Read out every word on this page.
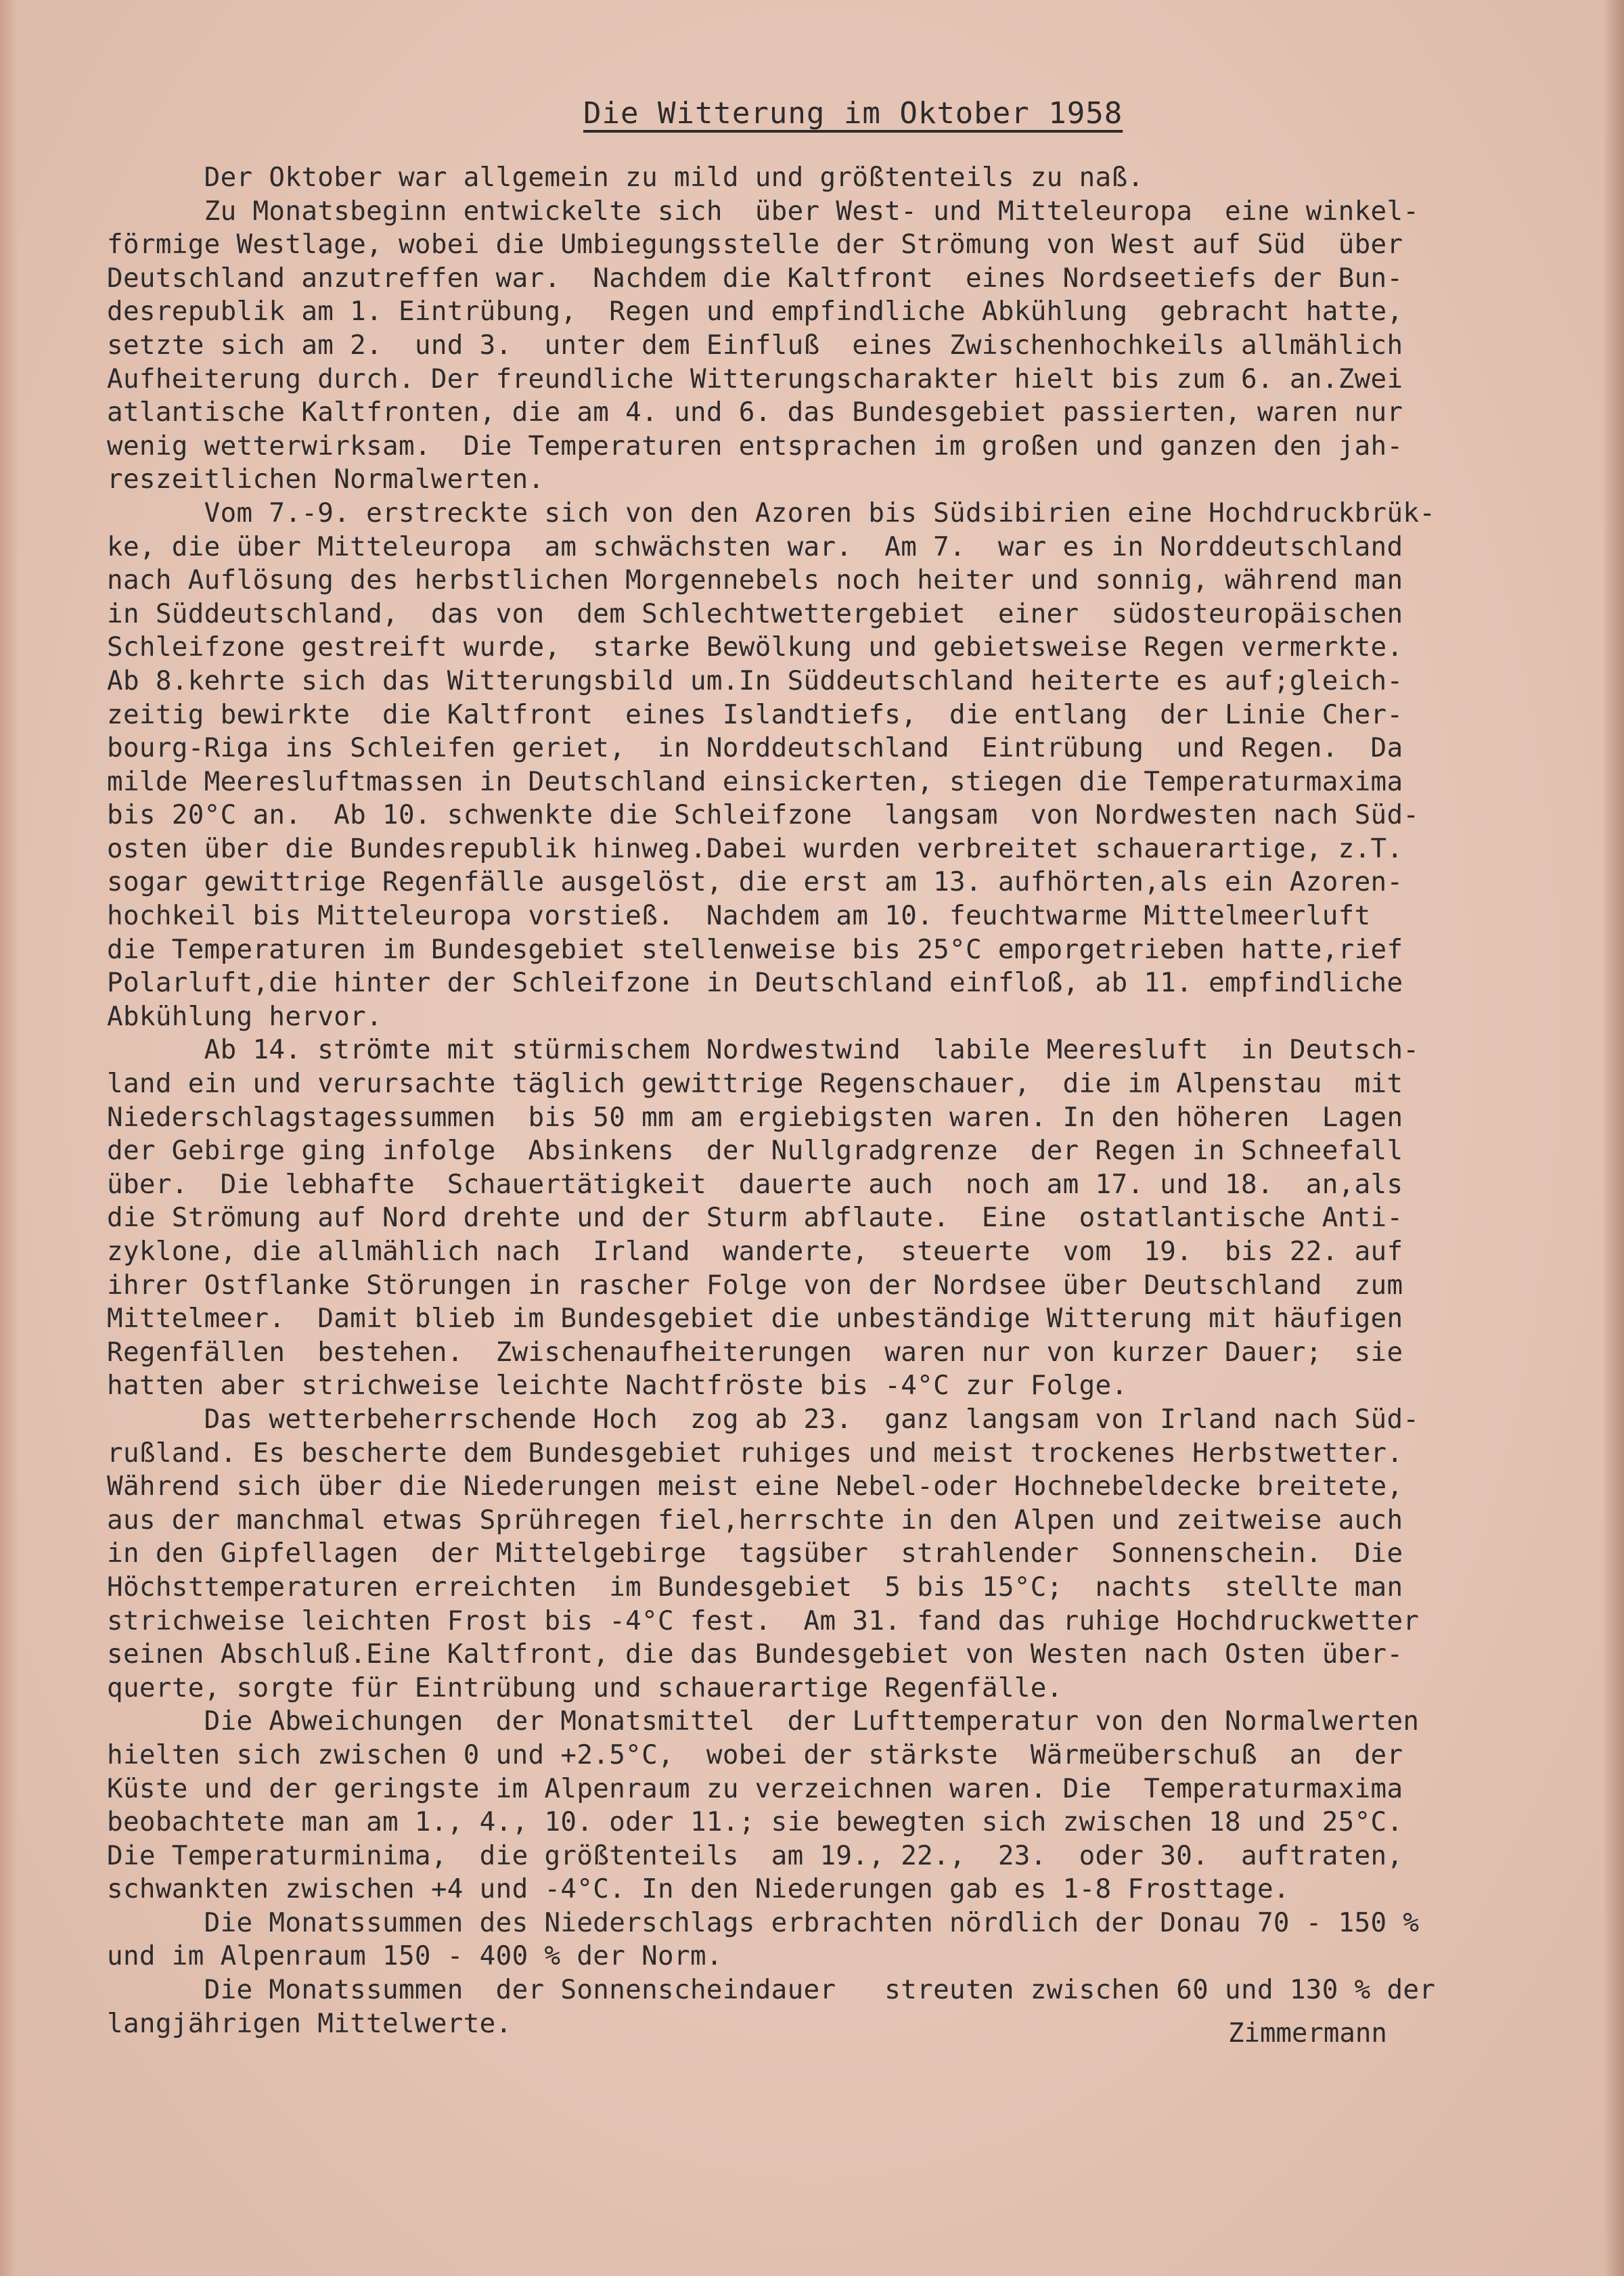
Die Witterung im Oktober 1958
Der Oktober war allgemein zu mild und größtenteils zu naß.
Zu Monatsbeginn entwickelte sich  über West- und Mitteleuropa  eine winkel-
förmige Westlage, wobei die Umbiegungsstelle der Strömung von West auf Süd  über
Deutschland anzutreffen war.  Nachdem die Kaltfront  eines Nordseetiefs der Bun-
desrepublik am 1. Eintrübung,  Regen und empfindliche Abkühlung  gebracht hatte,
setzte sich am 2.  und 3.  unter dem Einfluß  eines Zwischenhochkeils allmählich
Aufheiterung durch. Der freundliche Witterungscharakter hielt bis zum 6. an.Zwei
atlantische Kaltfronten, die am 4. und 6. das Bundesgebiet passierten, waren nur
wenig wetterwirksam.  Die Temperaturen entsprachen im großen und ganzen den jah-
reszeitlichen Normalwerten.
Vom 7.-9. erstreckte sich von den Azoren bis Südsibirien eine Hochdruckbrük-
ke, die über Mitteleuropa  am schwächsten war.  Am 7.  war es in Norddeutschland
nach Auflösung des herbstlichen Morgennebels noch heiter und sonnig, während man
in Süddeutschland,  das von  dem Schlechtwettergebiet  einer  südosteuropäischen
Schleifzone gestreift wurde,  starke Bewölkung und gebietsweise Regen vermerkte.
Ab 8.kehrte sich das Witterungsbild um.In Süddeutschland heiterte es auf;gleich-
zeitig bewirkte  die Kaltfront  eines Islandtiefs,  die entlang  der Linie Cher-
bourg-Riga ins Schleifen geriet,  in Norddeutschland  Eintrübung  und Regen.  Da
milde Meeresluftmassen in Deutschland einsickerten, stiegen die Temperaturmaxima
bis 20°C an.  Ab 10. schwenkte die Schleifzone  langsam  von Nordwesten nach Süd-
osten über die Bundesrepublik hinweg.Dabei wurden verbreitet schauerartige, z.T.
sogar gewittrige Regenfälle ausgelöst, die erst am 13. aufhörten,als ein Azoren-
hochkeil bis Mitteleuropa vorstieß.  Nachdem am 10. feuchtwarme Mittelmeerluft
die Temperaturen im Bundesgebiet stellenweise bis 25°C emporgetrieben hatte,rief
Polarluft,die hinter der Schleifzone in Deutschland einfloß, ab 11. empfindliche
Abkühlung hervor.
Ab 14. strömte mit stürmischem Nordwestwind  labile Meeresluft  in Deutsch-
land ein und verursachte täglich gewittrige Regenschauer,  die im Alpenstau  mit
Niederschlagstagessummen  bis 50 mm am ergiebigsten waren. In den höheren  Lagen
der Gebirge ging infolge  Absinkens  der Nullgradgrenze  der Regen in Schneefall
über.  Die lebhafte  Schauertätigkeit  dauerte auch  noch am 17. und 18.  an,als
die Strömung auf Nord drehte und der Sturm abflaute.  Eine  ostatlantische Anti-
zyklone, die allmählich nach  Irland  wanderte,  steuerte  vom  19.  bis 22. auf
ihrer Ostflanke Störungen in rascher Folge von der Nordsee über Deutschland  zum
Mittelmeer.  Damit blieb im Bundesgebiet die unbeständige Witterung mit häufigen
Regenfällen  bestehen.  Zwischenaufheiterungen  waren nur von kurzer Dauer;  sie
hatten aber strichweise leichte Nachtfröste bis -4°C zur Folge.
Das wetterbeherrschende Hoch  zog ab 23.  ganz langsam von Irland nach Süd-
rußland. Es bescherte dem Bundesgebiet ruhiges und meist trockenes Herbstwetter.
Während sich über die Niederungen meist eine Nebel-oder Hochnebeldecke breitete,
aus der manchmal etwas Sprühregen fiel,herrschte in den Alpen und zeitweise auch
in den Gipfellagen  der Mittelgebirge  tagsüber  strahlender  Sonnenschein.  Die
Höchsttemperaturen erreichten  im Bundesgebiet  5 bis 15°C;  nachts  stellte man
strichweise leichten Frost bis -4°C fest.  Am 31. fand das ruhige Hochdruckwetter
seinen Abschluß.Eine Kaltfront, die das Bundesgebiet von Westen nach Osten über-
querte, sorgte für Eintrübung und schauerartige Regenfälle.
Die Abweichungen  der Monatsmittel  der Lufttemperatur von den Normalwerten
hielten sich zwischen 0 und +2.5°C,  wobei der stärkste  Wärmeüberschuß  an  der
Küste und der geringste im Alpenraum zu verzeichnen waren. Die  Temperaturmaxima
beobachtete man am 1., 4., 10. oder 11.; sie bewegten sich zwischen 18 und 25°C.
Die Temperaturminima,  die größtenteils  am 19., 22.,  23.  oder 30.  auftraten,
schwankten zwischen +4 und -4°C. In den Niederungen gab es 1-8 Frosttage.
Die Monatssummen des Niederschlags erbrachten nördlich der Donau 70 - 150 %
und im Alpenraum 150 - 400 % der Norm.
Die Monatssummen  der Sonnenscheindauer   streuten zwischen 60 und 130 % der
langjährigen Mittelwerte.	Zimmermann
